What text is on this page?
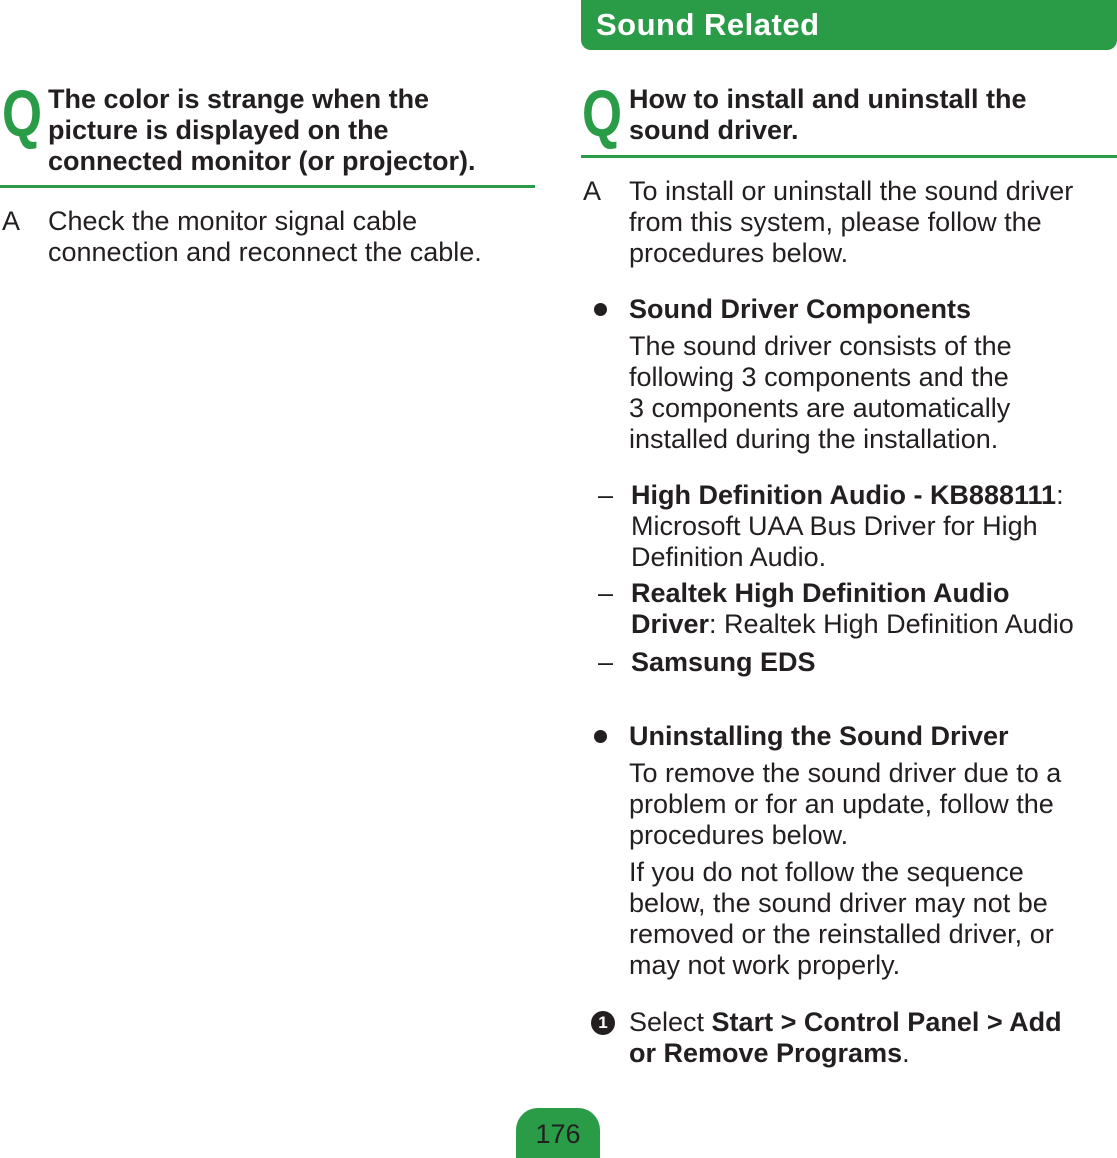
Sound Related
Q The color is strange when the
picture is displayed on the
connected monitor (or projector).
A Check the monitor signal cable
connection and reconnect the cable.
Q How to install and uninstall the
sound driver.
A To install or uninstall the sound driver
from this system, please follow the
procedures below.
Sound Driver Components
The sound driver consists of the
following 3 components and the
3 components are automatically
installed during the installation.
– High Definition Audio - KB888111:
Microsoft UAA Bus Driver for High
Definition Audio.
– Realtek High Definition Audio
Driver: Realtek High Definition Audio
– Samsung EDS
Uninstalling the Sound Driver
To remove the sound driver due to a
problem or for an update, follow the
procedures below.
If you do not follow the sequence
below, the sound driver may not be
removed or the reinstalled driver, or
may not work properly.
1 Select Start > Control Panel > Add
or Remove Programs.
176
